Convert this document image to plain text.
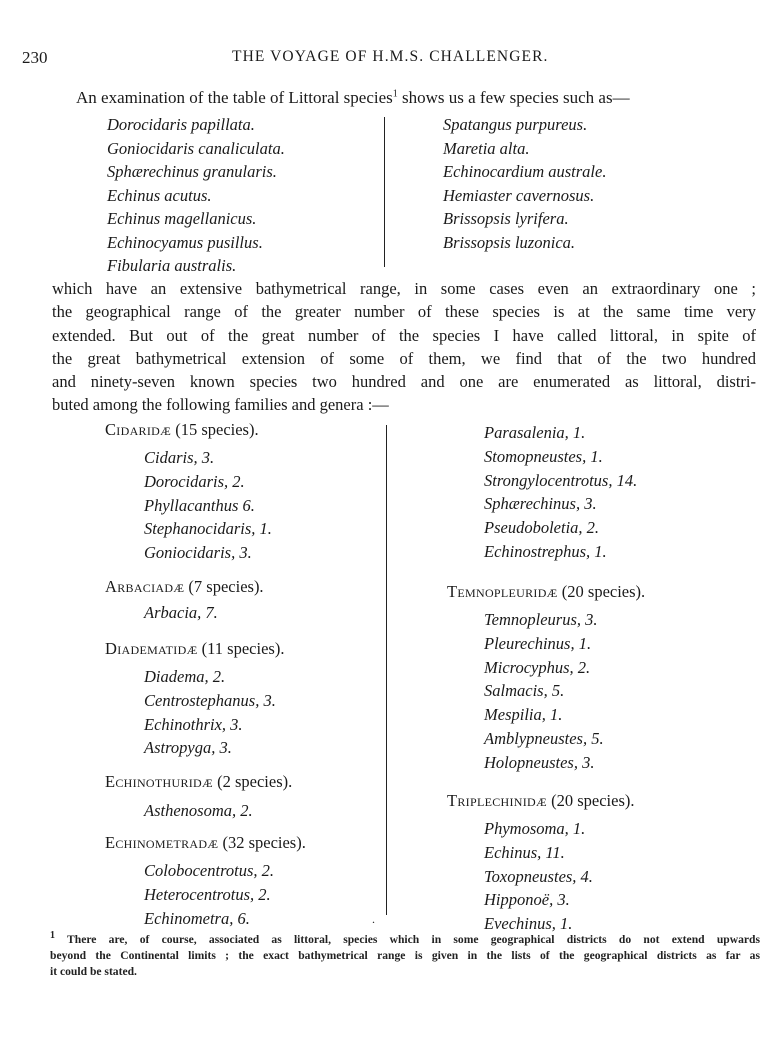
230	THE VOYAGE OF H.M.S. CHALLENGER.
An examination of the table of Littoral species$^1$ shows us a few species such as—
Dorocidaris papillata.
Goniocidaris canaliculata.
Sphærechinus granularis.
Echinus acutus.
Echinus magellanicus.
Echinocyamus pusillus.
Fibularia australis.
Spatangus purpureus.
Maretia alta.
Echinocardium australe.
Hemiaster cavernosus.
Brissopsis lyrifera.
Brissopsis luzonica.
which have an extensive bathymetrical range, in some cases even an extraordinary one ;
the geographical range of the greater number of these species is at the same time very
extended. But out of the great number of the species I have called littoral, in spite of
the great bathymetrical extension of some of them, we find that of the two hundred
and ninety-seven known species two hundred and one are enumerated as littoral, distri-
buted among the following families and genera :—
.
Cidaridæ (15 species).
Cidaris, 3.
Dorocidaris, 2.
Phyllacanthus 6.
Stephanocidaris, 1.
Goniocidaris, 3.
Arbaciadæ (7 species).
Arbacia, 7.
Diadematidæ (11 species).
Diadema, 2.
Centrostephanus, 3.
Echinothrix, 3.
Astropyga, 3.
Echinothuridæ (2 species).
Asthenosoma, 2.
Echinometradæ (32 species).
Colobocentrotus, 2.
Heterocentrotus, 2.
Echinometra, 6.
Parasalenia, 1.
Stomopneustes, 1.
Strongylocentrotus, 14.
Sphærechinus, 3.
Pseudoboletia, 2.
Echinostrephus, 1.
Temnopleuridæ (20 species).
Temnopleurus, 3.
Pleurechinus, 1.
Microcyphus, 2.
Salmacis, 5.
Mespilia, 1.
Amblypneustes, 5.
Holopneustes, 3.
Triplechinidæ (20 species).
Phymosoma, 1.
Echinus, 11.
Toxopneustes, 4.
Hipponoë, 3.
Evechinus, 1.
$^1$ There are, of course, associated as littoral, species which in some geographical districts do not extend upwards
beyond the Continental limits ; the exact bathymetrical range is given in the lists of the geographical districts as far as
it could be stated.
